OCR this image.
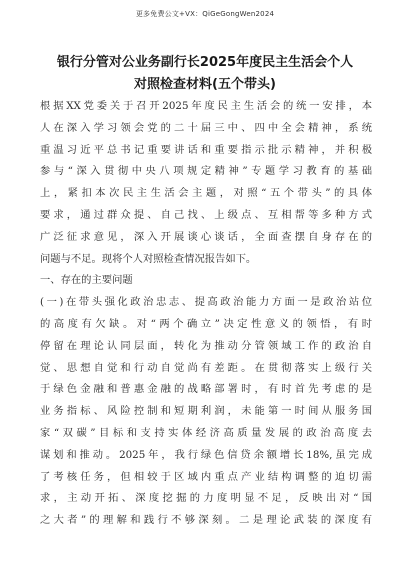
更多免费公文+VX：QiGeGongWen2024
银行分管对公业务副行长2025年度民主生活会个人
对照检查材料(五个带头)
根据XX党委关于召开2025年度民主生活会的统一安排，本
人在深入学习领会党的二十届三中、四中全会精神，系统
重温习近平总书记重要讲话和重要指示批示精神，并积极
参与“深入贯彻中央八项规定精神”专题学习教育的基础
上，紧扣本次民主生活会主题，对照“五个带头”的具体
要求，通过群众提、自己找、上级点、互相帮等多种方式
广泛征求意见，深入开展谈心谈话，全面查摆自身存在的
问题与不足。现将个人对照检查情况报告如下。
一、存在的主要问题
(一)在带头强化政治忠志、提高政治能力方面一是政治站位
的高度有欠缺。对“两个确立”决定性意义的领悟，有时
停留在理论认同层面，转化为推动分管领域工作的政治自
觉、思想自觉和行动自觉尚有差距。在贯彻落实上级行关
于绿色金融和普惠金融的战略部署时，有时首先考虑的是
业务指标、风险控制和短期利润，未能第一时间从服务国
家“双碳”目标和支持实体经济高质量发展的政治高度去
谋划和推动。2025年，我行绿色信贷余额增长18%,虽完成
了考核任务，但相较于区域内重点产业结构调整的迫切需
求，主动开拓、深度挖掘的力度明显不足，反映出对“国
之大者”的理解和践行不够深刻。二是理论武装的深度有
